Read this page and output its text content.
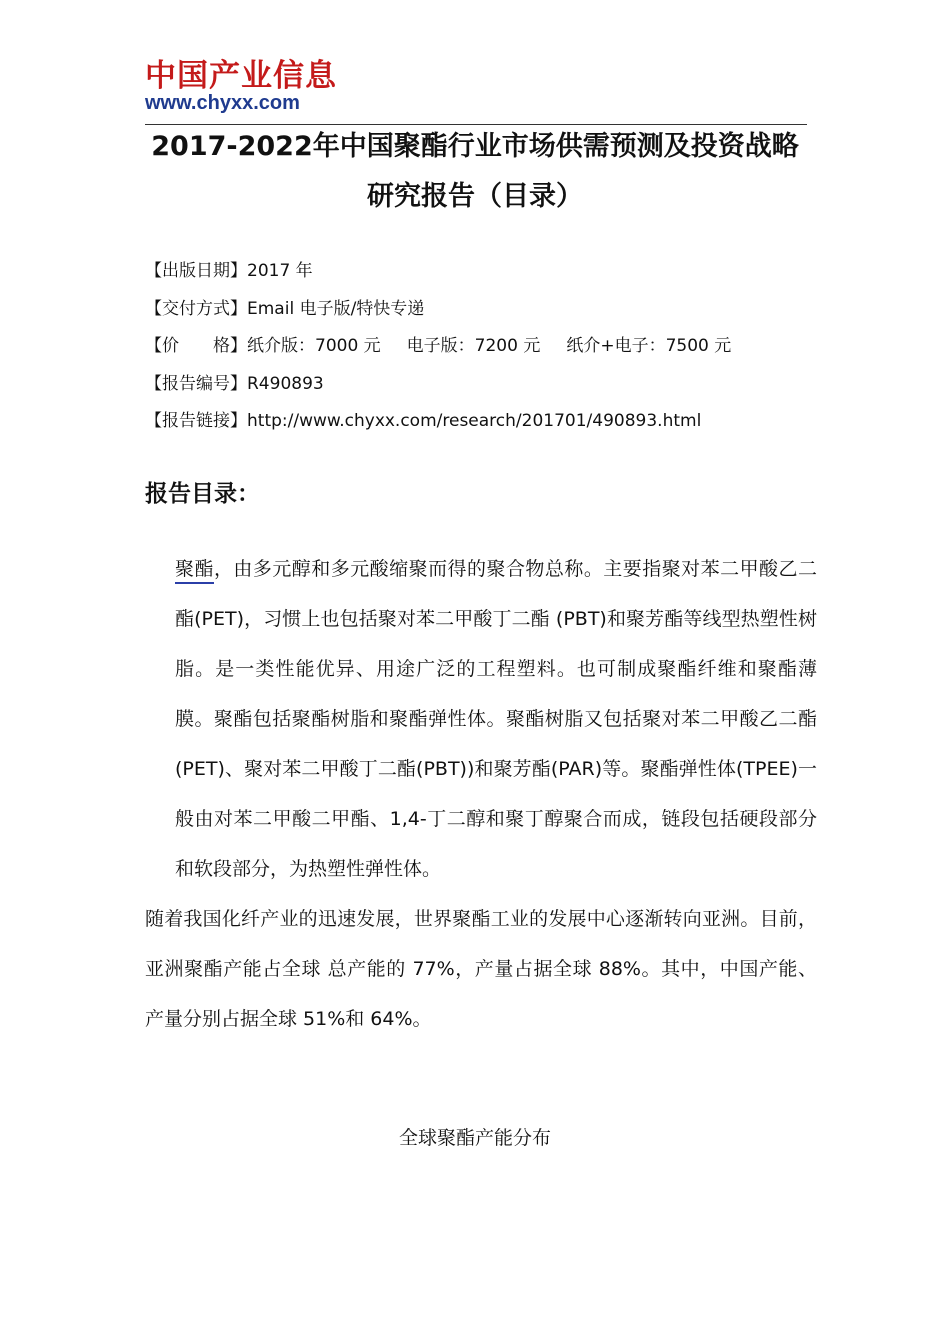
中国产业信息
www.chyxx.com
2017-2022年中国聚酯行业市场供需预测及投资战略
研究报告（目录）
【出版日期】2017 年
【交付方式】Email 电子版/特快专递
【价　　格】纸介版：7000 元 电子版：7200 元 纸介+电子：7500 元
【报告编号】R490893
【报告链接】http://www.chyxx.com/research/201701/490893.html
报告目录：
聚酯，由多元醇和多元酸缩聚而得的聚合物总称。主要指聚对苯二甲酸乙二酯(PET)，习惯上也包括聚对苯二甲酸丁二酯 (PBT)和聚芳酯等线型热塑性树脂。是一类性能优异、用途广泛的工程塑料。也可制成聚酯纤维和聚酯薄膜。聚酯包括聚酯树脂和聚酯弹性体。聚酯树脂又包括聚对苯二甲酸乙二酯(PET)、聚对苯二甲酸丁二酯(PBT))和聚芳酯(PAR)等。聚酯弹性体(TPEE)一般由对苯二甲酸二甲酯、1,4-丁二醇和聚丁醇聚合而成，链段包括硬段部分和软段部分，为热塑性弹性体。
随着我国化纤产业的迅速发展，世界聚酯工业的发展中心逐渐转向亚洲。目前，亚洲聚酯产能占全球 总产能的 77%，产量占据全球 88%。其中，中国产能、产量分别占据全球 51%和 64%。
全球聚酯产能分布
